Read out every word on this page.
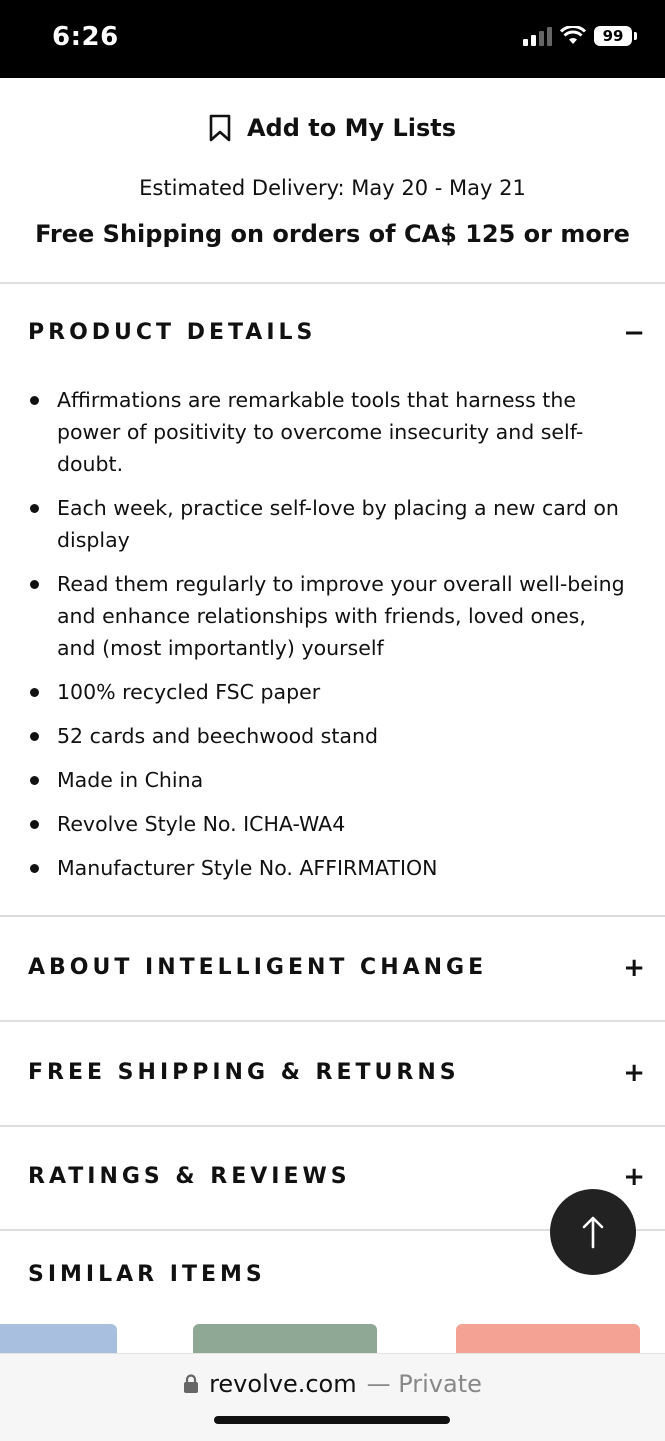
6:26	99
Add to My Lists
Estimated Delivery: May 20 - May 21
Free Shipping on orders of CA$ 125 or more
PRODUCT DETAILS	−
Affirmations are remarkable tools that harness the power of positivity to overcome insecurity and self-doubt.
Each week, practice self-love by placing a new card on display
Read them regularly to improve your overall well-being and enhance relationships with friends, loved ones, and (most importantly) yourself
100% recycled FSC paper
52 cards and beechwood stand
Made in China
Revolve Style No. ICHA-WA4
Manufacturer Style No. AFFIRMATION
ABOUT INTELLIGENT CHANGE	+
FREE SHIPPING & RETURNS	+
RATINGS & REVIEWS	+
SIMILAR ITEMS
revolve.com — Private
